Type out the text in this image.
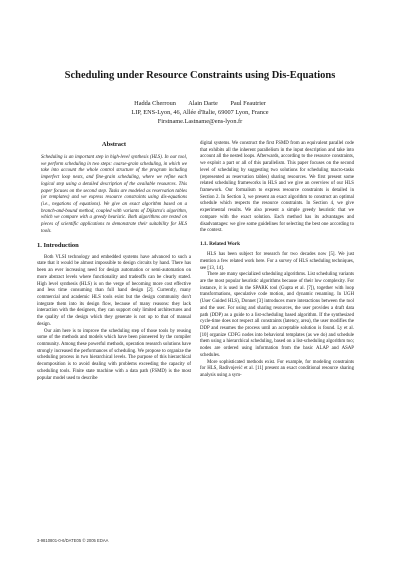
Scheduling under Resource Constraints using Dis-Equations
Hadda Cherroun        Alain Darte        Paul Feautrier
LIP, ENS-Lyon, 46, Allée d'Italie, 69007 Lyon, France
Firstname.Lastname@ens-lyon.fr
Abstract
Scheduling is an important step in high-level synthesis (HLS). In our tool, we perform scheduling in two steps: coarse-grain scheduling, in which we take into account the whole control structure of the program including imperfect loop nests, and fine-grain scheduling, where we refine each logical step using a detailed description of the available resources. This paper focuses on the second step. Tasks are modeled as reservation tables (or templates) and we express resource constraints using dis-equations (i.e., negations of equations). We give an exact algorithm based on a branch-and-bound method, coupled with variants of Dijkstra's algorithm, which we compare with a greedy heuristic. Both algorithms are tested on pieces of scientific applications to demonstrate their suitability for HLS tools.
1. Introduction

Both VLSI technology and embedded systems have advanced to such a state that it would be almost impossible to design circuits by hand. There has been an ever increasing need for design automation or semi-automation on more abstract levels where functionality and tradeoffs can be clearly stated. High level synthesis (HLS) is on the verge of becoming more cost effective and less time consuming than full hand design [2]. Currently, many commercial and academic HLS tools exist but the design community don't integrate them into its design flow, because of many reasons: they lack interaction with the designers, they can support only limited architectures and the quality of the design which they generate is not up to that of manual design.

Our aim here is to improve the scheduling step of those tools by reusing some of the methods and models which have been pioneered by the compiler community. Among these powerful methods, operation research solutions have strongly increased the performances of scheduling. We propose to organize the scheduling process in two hierarchical levels. The purpose of this hierarchical decomposition is to avoid dealing with problems exceeding the capacity of scheduling tools. Finite state machine with a data path (FSMD) is the most popular model used to describe

digital systems. We construct the first FSMD from an equivalent parallel code that exhibits all the inherent parallelism in the input description and take into account all the nested loops. Afterwards, according to the resource constraints, we exploit a part or all of this parallelism. This paper focuses on the second level of scheduling by suggesting two solutions for scheduling macro-tasks (represented as reservation tables) sharing resources. We first present some related scheduling frameworks in HLS and we give an overview of our HLS framework. Our formalism to express resource constraints is detailed in Section 2. In Section 3, we present an exact algorithm to construct an optimal schedule which respects the resource constraints. In Section 4, we give experimental results. We also present a simple greedy heuristic that we compare with the exact solution. Each method has its advantages and disadvantages: we give some guidelines for selecting the best one according to the context.

1.1. Related Work

HLS has been subject for research for two decades now [5]. We just mention a few related work here. For a survey of HLS scheduling techniques, see [13, 14].

There are many specialized scheduling algorithms. List scheduling variants are the most popular heuristic algorithms because of their low complexity. For instance, it is used in the SPARK tool (Gupta et al. [7]), together with loop transformations, speculative code motion, and dynamic renaming. In UGH (User Guided HLS), Donnet [3] introduces more interactions between the tool and the user. For using and sharing resources, the user provides a draft data path (DDP) as a guide to a list-scheduling based algorithm. If the synthesized cycle-time does not respect all constraints (latency, area), the user modifies the DDP and resumes the process until an acceptable solution is found. Ly et al. [10] organize CDFG nodes into behavioral templates (as we do) and schedule them using a hierarchical scheduling, based on a list-scheduling algorithm too; nodes are ordered using information from the basic ALAP and ASAP schedules.

More sophisticated methods exist. For example, for modeling constraints for HLS, Radivojević et al. [11] present an exact conditional resource sharing analysis using a sym-

3-9810801-0-6/DATE05 © 2005 EDAA
